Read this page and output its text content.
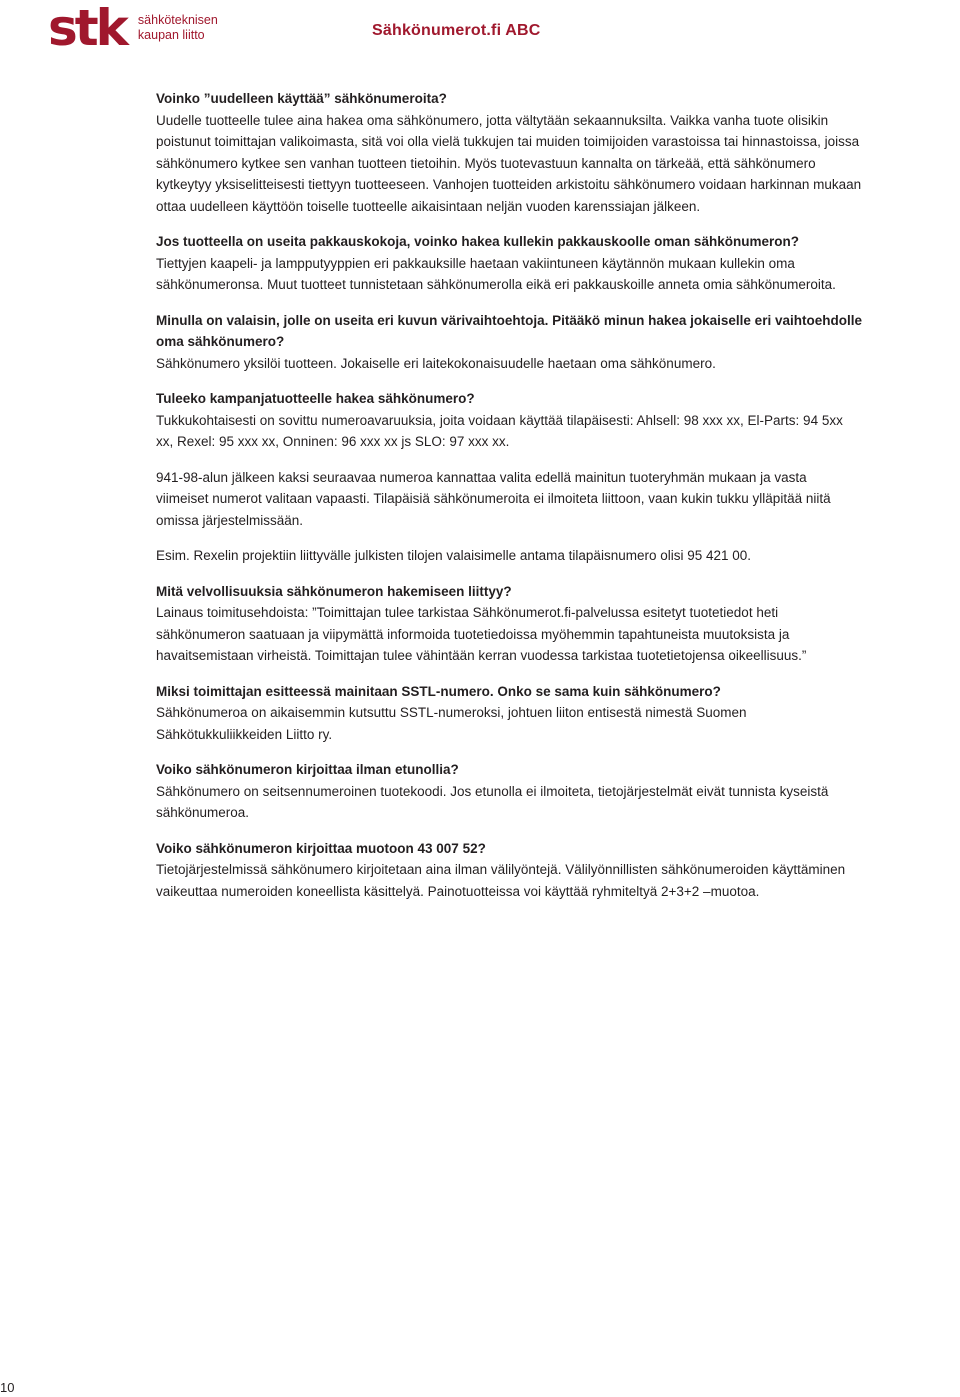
stk sähköteknisen
kaupan liitto	Sähkönumerot.fi ABC

Voinko ”uudelleen käyttää” sähkönumeroita?

Uudelle tuotteelle tulee aina hakea oma sähkönumero, jotta vältytään sekaannuksilta. Vaikka vanha tuote olisikin poistunut toimittajan valikoimasta, sitä voi olla vielä tukkujen tai muiden toimijoiden varastoissa tai hinnastoissa, joissa sähkönumero kytkee sen vanhan tuotteen tietoihin. Myös tuotevastuun kannalta on tärkeää, että sähkönumero kytkeytyy yksiselitteisesti tiettyyn tuotteeseen. Vanhojen tuotteiden arkistoitu sähkönumero voidaan harkinnan mukaan ottaa uudelleen käyttöön toiselle tuotteelle aikaisintaan neljän vuoden karenssiajan jälkeen.

Jos tuotteella on useita pakkauskokoja, voinko hakea kullekin pakkauskoolle oman sähkönumeron?

Tiettyjen kaapeli- ja lampputyyppien eri pakkauksille haetaan vakiintuneen käytännön mukaan kullekin oma sähkönumeronsa. Muut tuotteet tunnistetaan sähkönumerolla eikä eri pakkauskoille anneta omia sähkönumeroita.

Minulla on valaisin, jolle on useita eri kuvun värivaihtoehtoja. Pitääkö minun hakea jokaiselle eri vaihtoehdolle oma sähkönumero?

Sähkönumero yksilöi tuotteen. Jokaiselle eri laitekokonaisuudelle haetaan oma sähkönumero.

Tuleeko kampanjatuotteelle hakea sähkönumero?

Tukkukohtaisesti on sovittu numeroavaruuksia, joita voidaan käyttää tilapäisesti: Ahlsell: 98 xxx xx, El-Parts: 94 5xx xx, Rexel: 95 xxx xx, Onninen: 96 xxx xx js SLO: 97 xxx xx.

941-98-alun jälkeen kaksi seuraavaa numeroa kannattaa valita edellä mainitun tuoteryhmän mukaan ja vasta viimeiset numerot valitaan vapaasti. Tilapäisiä sähkönumeroita ei ilmoiteta liittoon, vaan kukin tukku ylläpitää niitä omissa järjestelmissään.

Esim. Rexelin projektiin liittyvälle julkisten tilojen valaisimelle antama tilapäisnumero olisi 95 421 00.

Mitä velvollisuuksia sähkönumeron hakemiseen liittyy?

Lainaus toimitusehdoista: ”Toimittajan tulee tarkistaa Sähkönumerot.fi-palvelussa esitetyt tuotetiedot heti sähkönumeron saatuaan ja viipymättä informoida tuotetiedoissa myöhemmin tapahtuneista muutoksista ja havaitsemistaan virheistä. Toimittajan tulee vähintään kerran vuodessa tarkistaa tuotetietojensa oikeellisuus.”

Miksi toimittajan esitteessä mainitaan SSTL-numero. Onko se sama kuin sähkönumero?

Sähkönumeroa on aikaisemmin kutsuttu SSTL-numeroksi, johtuen liiton entisestä nimestä Suomen Sähkötukkuliikkeiden Liitto ry.

Voiko sähkönumeron kirjoittaa ilman etunollia?

Sähkönumero on seitsennumeroinen tuotekoodi. Jos etunolla ei ilmoiteta, tietojärjestelmät eivät tunnista kyseistä sähkönumeroa.

Voiko sähkönumeron kirjoittaa muotoon 43 007 52?

Tietojärjestelmissä sähkönumero kirjoitetaan aina ilman välilyöntejä. Välilyönnillisten sähkönumeroiden käyttäminen vaikeuttaa numeroiden koneellista käsittelyä. Painotuotteissa voi käyttää ryhmiteltyä 2+3+2 –muotoa.

10
